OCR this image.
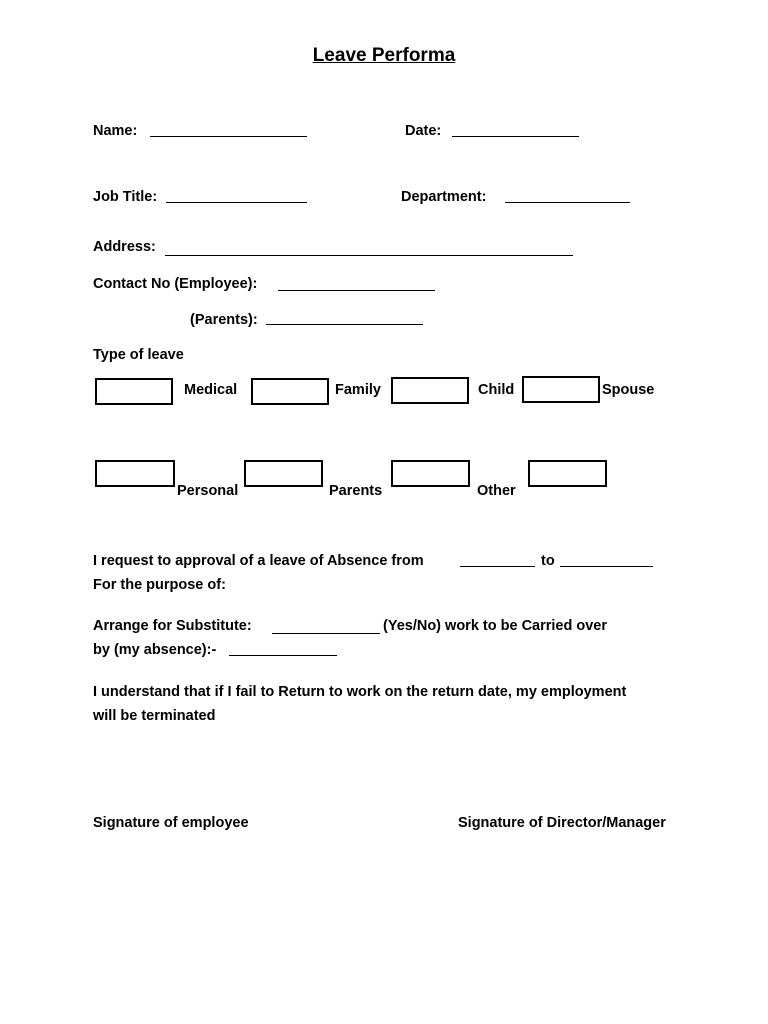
Leave Performa
Name:	Date:
Job Title:	Department:
Address:
Contact No (Employee):
(Parents):
Type of leave
Medical	Family	Child	Spouse
Personal	Parents	Other
I request to approval of a leave of Absence from	to
For the purpose of:
Arrange for Substitute:	(Yes/No) work to be Carried over
by (my absence):-
I understand that if I fail to Return to work on the return date, my employment
will be terminated
Signature of employee	Signature of Director/Manager
